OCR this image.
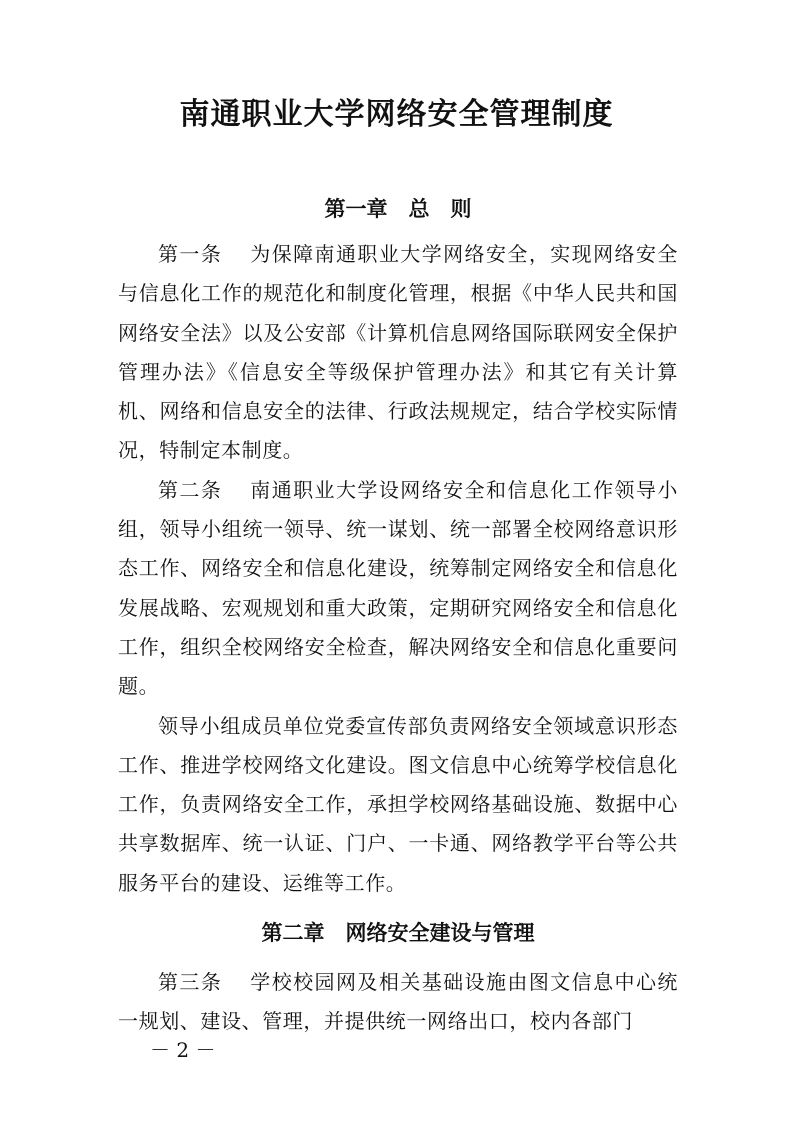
南通职业大学网络安全管理制度
第一章　总　则

第一条 为保障南通职业大学网络安全，实现网络安全与信息化工作的规范化和制度化管理，根据《中华人民共和国网络安全法》以及公安部《计算机信息网络国际联网安全保护管理办法》《信息安全等级保护管理办法》和其它有关计算机、网络和信息安全的法律、行政法规规定，结合学校实际情况，特制定本制度。

第二条 南通职业大学设网络安全和信息化工作领导小组，领导小组统一领导、统一谋划、统一部署全校网络意识形态工作、网络安全和信息化建设，统筹制定网络安全和信息化发展战略、宏观规划和重大政策，定期研究网络安全和信息化工作，组织全校网络安全检查，解决网络安全和信息化重要问题。

领导小组成员单位党委宣传部负责网络安全领域意识形态工作、推进学校网络文化建设。图文信息中心统筹学校信息化工作，负责网络安全工作，承担学校网络基础设施、数据中心共享数据库、统一认证、门户、一卡通、网络教学平台等公共服务平台的建设、运维等工作。

第二章　网络安全建设与管理

第三条 学校校园网及相关基础设施由图文信息中心统一规划、建设、管理，并提供统一网络出口，校内各部门

－ 2 －
